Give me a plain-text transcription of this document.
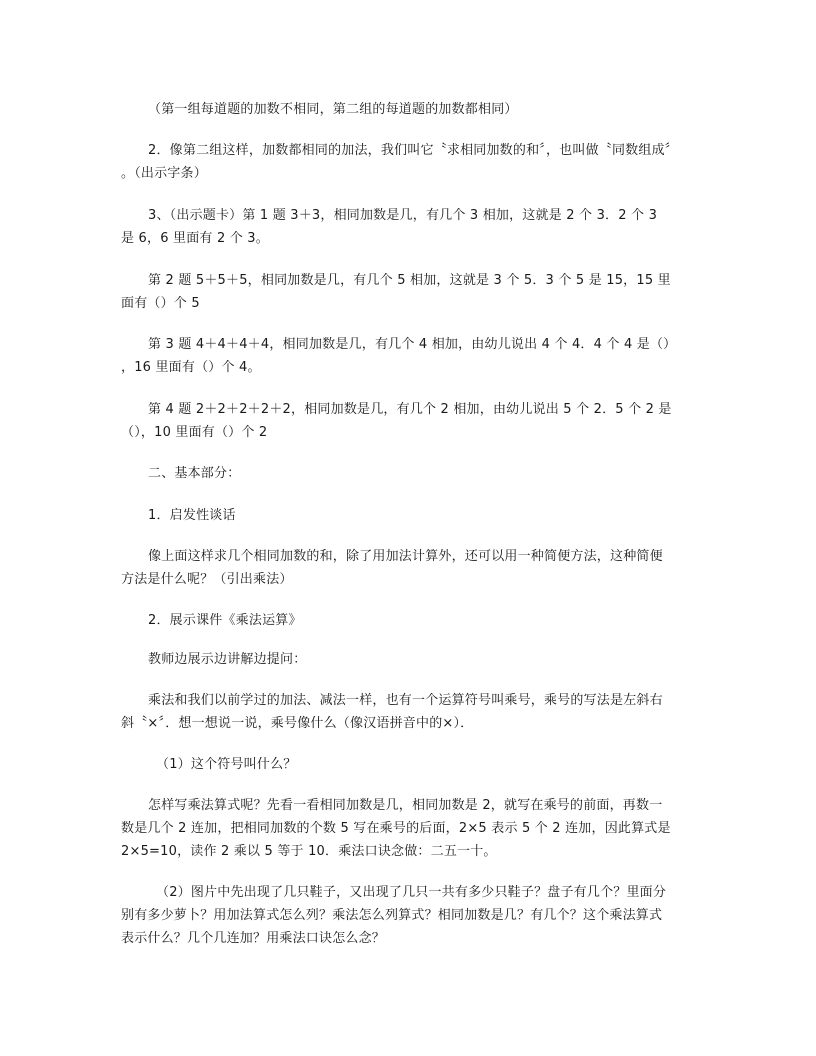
（第一组每道题的加数不相同，第二组的每道题的加数都相同）
2．像第二组这样，加数都相同的加法，我们叫它〝求相同加数的和〞，也叫做〝同数组成〞
。（出示字条）
3、（出示题卡）第 1 题 3＋3，相同加数是几，有几个 3 相加，这就是 2 个 3．2 个 3
是 6，6 里面有 2 个 3。
第 2 题 5＋5＋5，相同加数是几，有几个 5 相加，这就是 3 个 5．3 个 5 是 15，15 里
面有（）个 5
第 3 题 4＋4＋4＋4，相同加数是几，有几个 4 相加，由幼儿说出 4 个 4．4 个 4 是（）
，16 里面有（）个 4。
第 4 题 2＋2＋2＋2＋2，相同加数是几，有几个 2 相加，由幼儿说出 5 个 2．5 个 2 是
（），10 里面有（）个 2
二、基本部分：
1．启发性谈话
像上面这样求几个相同加数的和，除了用加法计算外，还可以用一种简便方法，这种简便
方法是什么呢？（引出乘法）
2．展示课件《乘法运算》
教师边展示边讲解边提问：
乘法和我们以前学过的加法、减法一样，也有一个运算符号叫乘号，乘号的写法是左斜右
斜〝×〞．想一想说一说，乘号像什么（像汉语拼音中的×）．
（1）这个符号叫什么？
怎样写乘法算式呢？先看一看相同加数是几，相同加数是 2，就写在乘号的前面，再数一
数是几个 2 连加，把相同加数的个数 5 写在乘号的后面，2×5 表示 5 个 2 连加，因此算式是
2×5=10，读作 2 乘以 5 等于 10．乘法口诀念做：二五一十。
（2）图片中先出现了几只鞋子，又出现了几只一共有多少只鞋子？盘子有几个？里面分
别有多少萝卜？用加法算式怎么列？乘法怎么列算式？相同加数是几？有几个？这个乘法算式
表示什么？几个几连加？用乘法口诀怎么念？
